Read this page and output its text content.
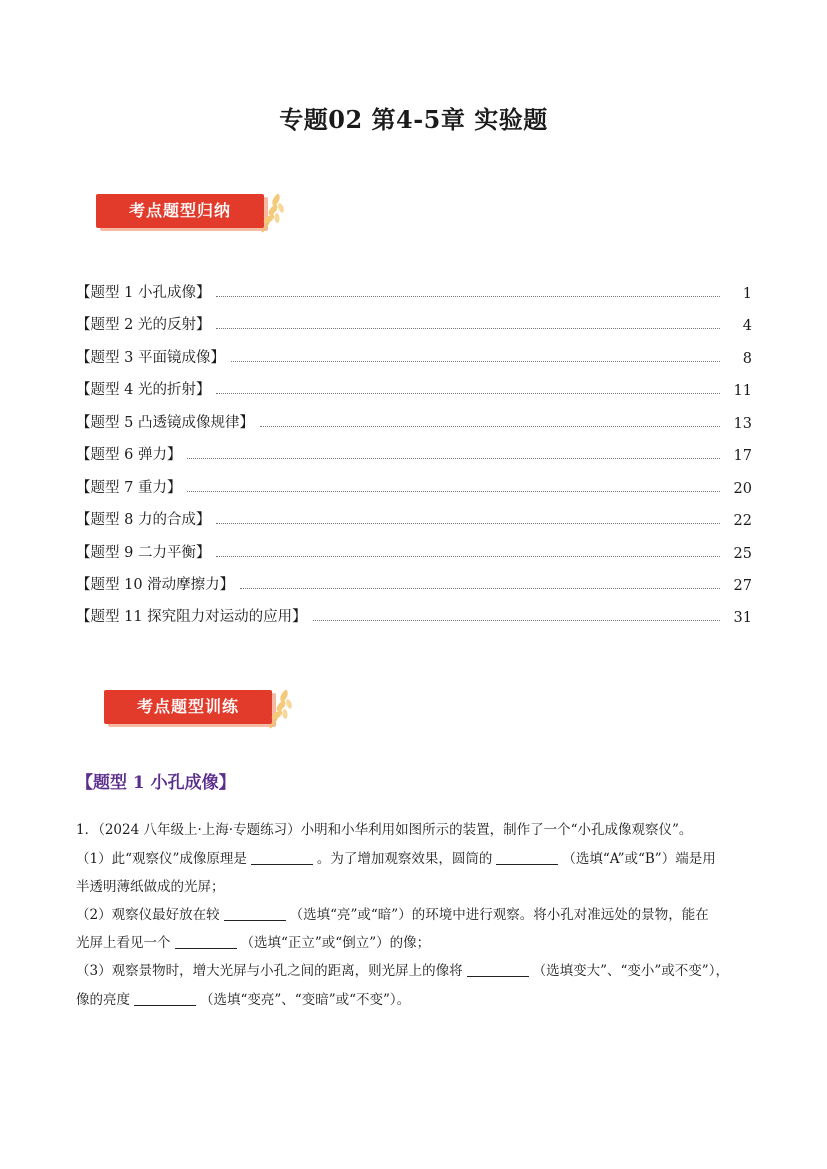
专题02 第4-5章 实验题
考点题型归纳
【题型 1 小孔成像】	1
【题型 2 光的反射】	4
【题型 3 平面镜成像】	8
【题型 4 光的折射】	11
【题型 5 凸透镜成像规律】	13
【题型 6 弹力】	17
【题型 7 重力】	20
【题型 8 力的合成】	22
【题型 9 二力平衡】	25
【题型 10 滑动摩擦力】	27
【题型 11 探究阻力对运动的应用】	31
考点题型训练
【题型 1 小孔成像】
1．（2024 八年级上·上海·专题练习）小明和小华利用如图所示的装置，制作了一个“小孔成像观察仪”。
（1）此“观察仪”成像原理是	。为了增加观察效果，圆筒的	（选填“A”或“B”）端是用
半透明薄纸做成的光屏；
（2）观察仪最好放在较	（选填“亮”或“暗”）的环境中进行观察。将小孔对准远处的景物，能在
光屏上看见一个	（选填“正立”或“倒立”）的像；
（3）观察景物时，增大光屏与小孔之间的距离，则光屏上的像将	（选填变大”、“变小”或不变”），
像的亮度	（选填“变亮”、“变暗”或“不变”）。
